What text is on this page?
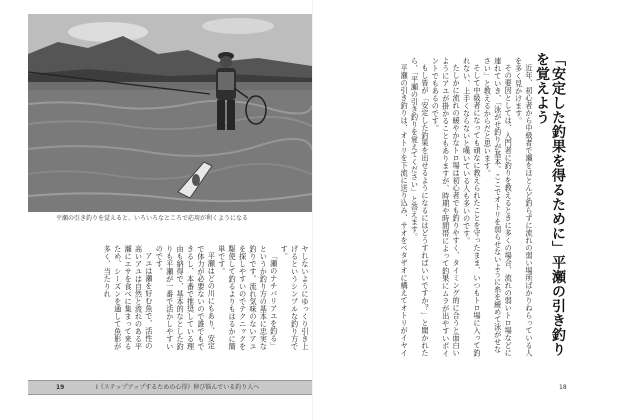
平瀬の引き釣りを覚えると、いろいろなところで応用が利くようになる	「安定した釣果を得るために」平瀬の引き釣りを覚えよう

近年、初心者から中級者で瀬をほとんど釣らずに流れの弱い場所ばかりねらっている人を多く見かけます。

その要因としては、入門者に釣りを教えるときに多くの場合、流れの弱いトロ場などに連れていき、「泳がせ釣りが基本。ここでオトリを弱らせないように糸を緩めて泳がせなさい」と教えるからだと思います。

そして中級者になっても頑なに教えられたことを守ったまま、いつもトロ場に入って釣れない、上手くならないと嘆いている人も多いのです。

たしかに流れの緩やかなトロ場は初心者でも釣りやすく、タイミング的に合うと面白いようにアユが掛かることもありますが、時期や時間帯によって釣果にムラが出やすいポイントでもあるのです。

もし皆が「安定した釣果を出せるようになるにはどうすればいいですか？」と聞かれたら、「平瀬の引き釣りを覚えてください」と答えます。

平瀬の引き釣りは、オトリを下流に送り込み、サオをベタザオに構えてオトリがイヤイ

ヤしないようにゆっくり引き上げるというシンプルな釣り方です。

「瀬のナチバリアユを釣る」というか釣り方の基本に忠実な釣りです。流れ気味のないアユを探しやすいのでテクニックを駆使して釣るよりもはるかに簡単です。

平瀬はどの川にもあり、安定で体力が必要ないので誰でもできるし、本番で推奨している理由も納得で、基本的なとした釣りも平瀬が一番で活かしやすいのです。

アユは瀬を好む魚で、活性の高いアユは自然と流れのある平瀬にエサを食べに集まって来るため、シーズンを通して魚影が多く、当たりれ

19	Ⅰ《ステップアップするための心得》伸び悩んでいる釣り人へ	18
